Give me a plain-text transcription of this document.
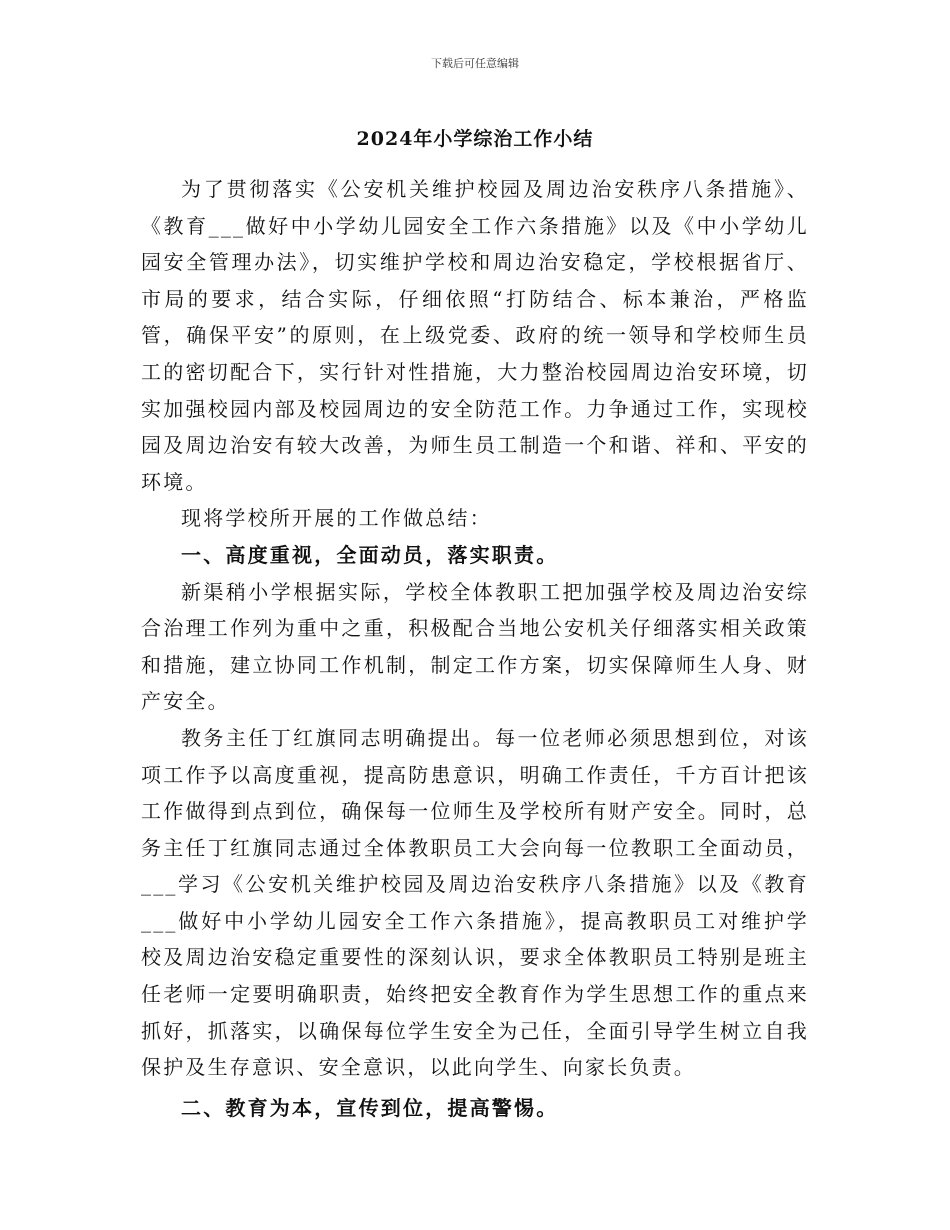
下载后可任意编辑
2024年小学综治工作小结

为了贯彻落实《公安机关维护校园及周边治安秩序八条措施》、《教育___做好中小学幼儿园安全工作六条措施》以及《中小学幼儿园安全管理办法》，切实维护学校和周边治安稳定，学校根据省厅、市局的要求，结合实际，仔细依照“打防结合、标本兼治，严格监管，确保平安”的原则，在上级党委、政府的统一领导和学校师生员工的密切配合下，实行针对性措施，大力整治校园周边治安环境，切实加强校园内部及校园周边的安全防范工作。力争通过工作，实现校园及周边治安有较大改善，为师生员工制造一个和谐、祥和、平安的环境。

现将学校所开展的工作做总结：

一、高度重视，全面动员，落实职责。

新渠稍小学根据实际，学校全体教职工把加强学校及周边治安综合治理工作列为重中之重，积极配合当地公安机关仔细落实相关政策和措施，建立协同工作机制，制定工作方案，切实保障师生人身、财产安全。

教务主任丁红旗同志明确提出。每一位老师必须思想到位，对该项工作予以高度重视，提高防患意识，明确工作责任，千方百计把该工作做得到点到位，确保每一位师生及学校所有财产安全。同时，总务主任丁红旗同志通过全体教职员工大会向每一位教职工全面动员，___学习《公安机关维护校园及周边治安秩序八条措施》以及《教育___做好中小学幼儿园安全工作六条措施》，提高教职员工对维护学校及周边治安稳定重要性的深刻认识，要求全体教职员工特别是班主任老师一定要明确职责，始终把安全教育作为学生思想工作的重点来抓好，抓落实，以确保每位学生安全为己任，全面引导学生树立自我保护及生存意识、安全意识，以此向学生、向家长负责。

二、教育为本，宣传到位，提高警惕。
